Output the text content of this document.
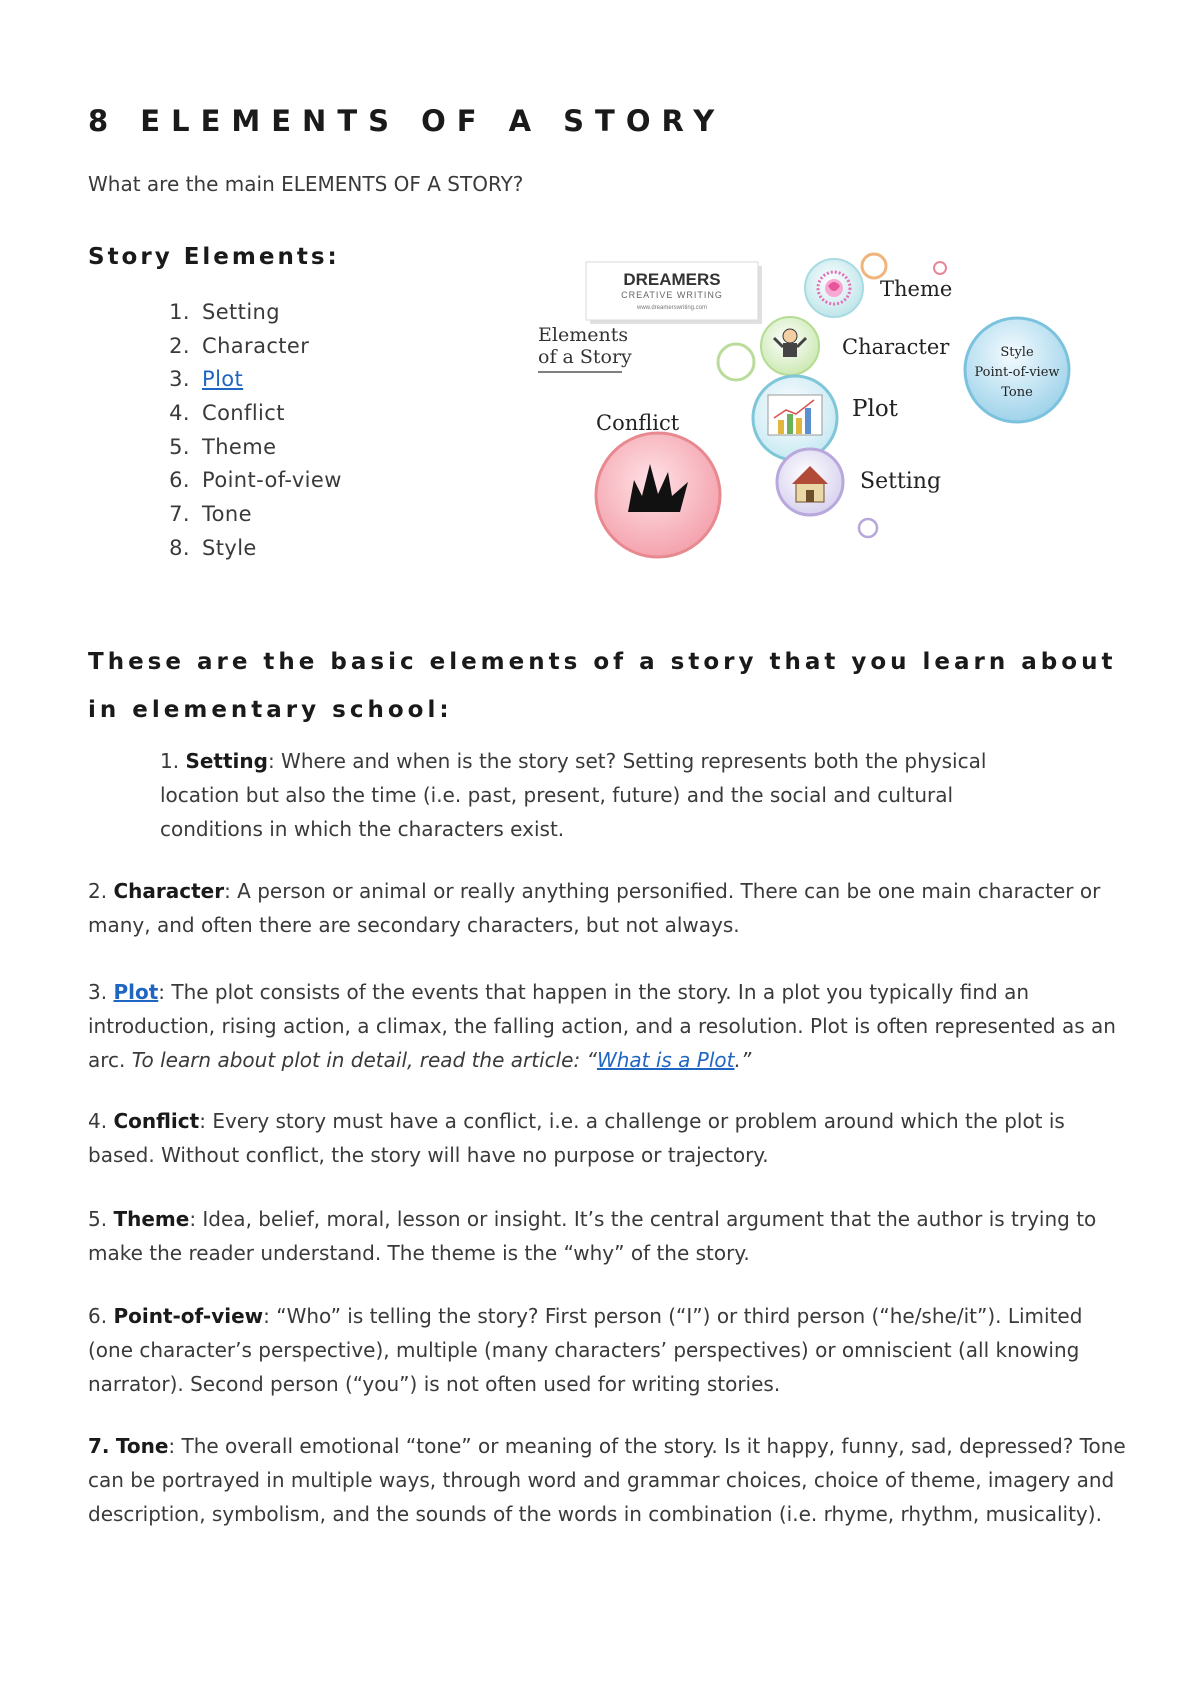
8 ELEMENTS OF A STORY
What are the main ELEMENTS OF A STORY?
Story Elements:
1. Setting
2. Character
3. Plot
4. Conflict
5. Theme
6. Point-of-view
7. Tone
8. Style
DREAMERS
CREATIVE WRITING
www.dreamerswriting.com
Elements
of a Story
Theme
Character	Style
Point-of-view
Tone
Plot
Conflict
Setting
These are the basic elements of a story that you learn about in elementary school:
1. Setting: Where and when is the story set? Setting represents both the physical location but also the time (i.e. past, present, future) and the social and cultural conditions in which the characters exist.
2. Character: A person or animal or really anything personified. There can be one main character or many, and often there are secondary characters, but not always.
3. Plot: The plot consists of the events that happen in the story. In a plot you typically find an introduction, rising action, a climax, the falling action, and a resolution. Plot is often represented as an arc. To learn about plot in detail, read the article: “What is a Plot.”
4. Conflict: Every story must have a conflict, i.e. a challenge or problem around which the plot is based. Without conflict, the story will have no purpose or trajectory.
5. Theme: Idea, belief, moral, lesson or insight. It’s the central argument that the author is trying to make the reader understand. The theme is the “why” of the story.
6. Point-of-view: “Who” is telling the story? First person (“I”) or third person (“he/she/it”). Limited (one character’s perspective), multiple (many characters’ perspectives) or omniscient (all knowing narrator). Second person (“you”) is not often used for writing stories.
7. Tone: The overall emotional “tone” or meaning of the story. Is it happy, funny, sad, depressed? Tone can be portrayed in multiple ways, through word and grammar choices, choice of theme, imagery and description, symbolism, and the sounds of the words in combination (i.e. rhyme, rhythm, musicality).
